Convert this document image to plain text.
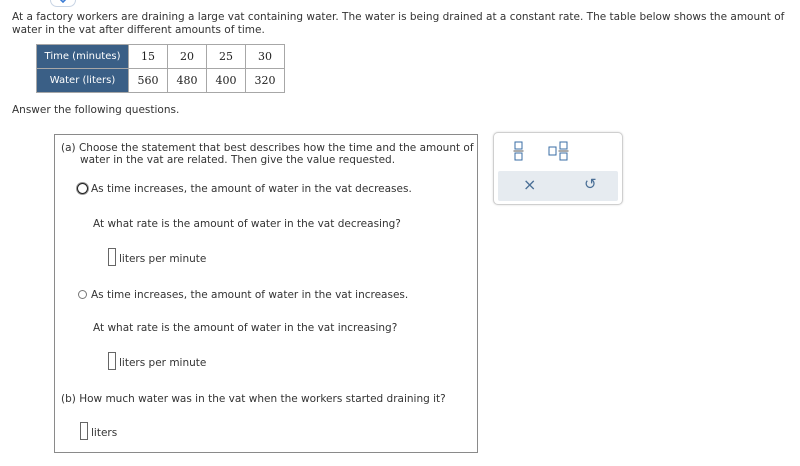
At a factory workers are draining a large vat containing water. The water is being drained at a constant rate. The table below shows the amount of water in the vat after different amounts of time.
Time (minutes)	15	20	25	30
Water (liters)	560	480	400	320
Answer the following questions.
(a) Choose the statement that best describes how the time and the amount of
water in the vat are related. Then give the value requested.
As time increases, the amount of water in the vat decreases.
At what rate is the amount of water in the vat decreasing?
liters per minute
As time increases, the amount of water in the vat increases.
At what rate is the amount of water in the vat increasing?
liters per minute
(b) How much water was in the vat when the workers started draining it?
liters
×	↺
